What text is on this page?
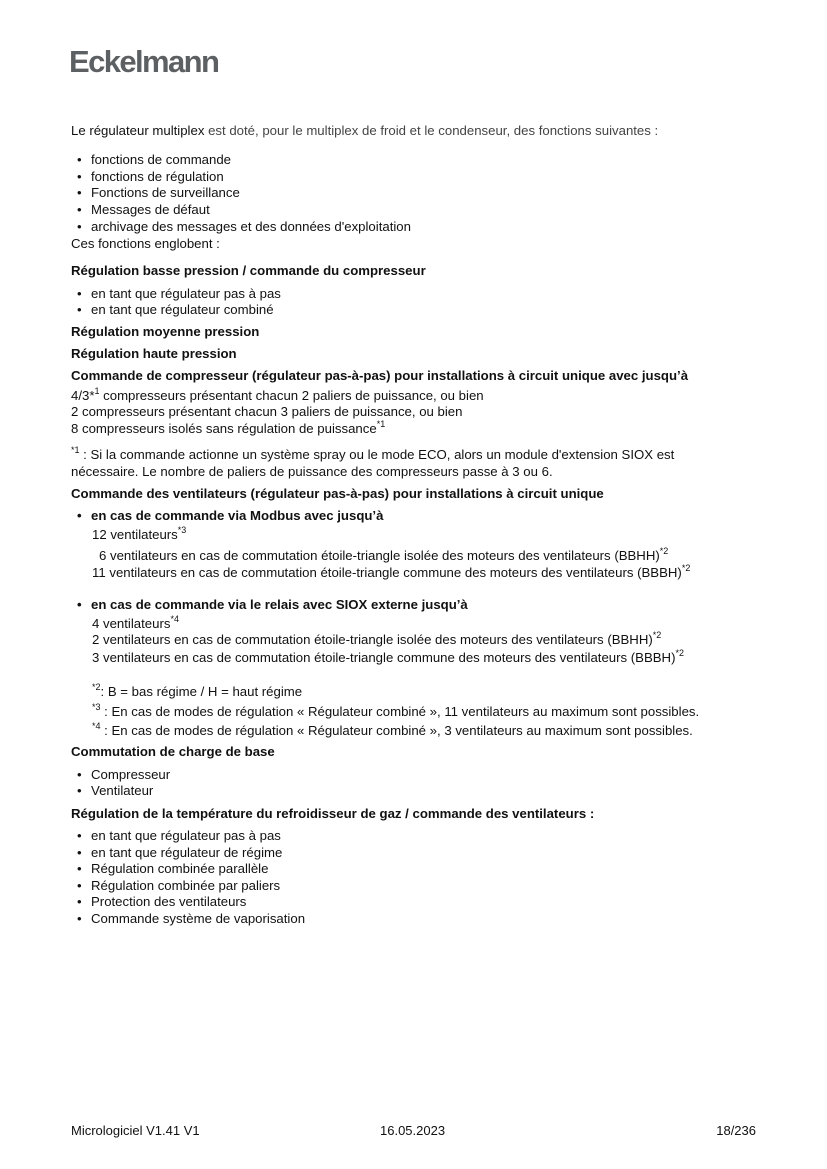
Eckelmann
Le régulateur multiplex est doté, pour le multiplex de froid et le condenseur, des fonctions suivantes :
• fonctions de commande
• fonctions de régulation
• Fonctions de surveillance
• Messages de défaut
• archivage des messages et des données d'exploitation
Ces fonctions englobent :
Régulation basse pression / commande du compresseur
• en tant que régulateur pas à pas
• en tant que régulateur combiné
Régulation moyenne pression
Régulation haute pression
Commande de compresseur (régulateur pas-à-pas) pour installations à circuit unique avec jusqu’à
4/3*$^1$ compresseurs présentant chacun 2 paliers de puissance, ou bien
2 compresseurs présentant chacun 3 paliers de puissance, ou bien
8 compresseurs isolés sans régulation de puissance$^{*1}$
$^{*1}$ : Si la commande actionne un système spray ou le mode ECO, alors un module d'extension SIOX est
nécessaire. Le nombre de paliers de puissance des compresseurs passe à 3 ou 6.
Commande des ventilateurs (régulateur pas-à-pas) pour installations à circuit unique
• en cas de commande via Modbus avec jusqu’à
12 ventilateurs$^{*3}$
6 ventilateurs en cas de commutation étoile-triangle isolée des moteurs des ventilateurs (BBHH)$^{*2}$
11 ventilateurs en cas de commutation étoile-triangle commune des moteurs des ventilateurs (BBBH)$^{*2}$
• en cas de commande via le relais avec SIOX externe jusqu’à
4 ventilateurs$^{*4}$
2 ventilateurs en cas de commutation étoile-triangle isolée des moteurs des ventilateurs (BBHH)$^{*2}$
3 ventilateurs en cas de commutation étoile-triangle commune des moteurs des ventilateurs (BBBH)$^{*2}$
$^{*2}$: B = bas régime / H = haut régime
$^{*3}$ : En cas de modes de régulation « Régulateur combiné », 11 ventilateurs au maximum sont possibles.
$^{*4}$ : En cas de modes de régulation « Régulateur combiné », 3 ventilateurs au maximum sont possibles.
Commutation de charge de base
• Compresseur
• Ventilateur
Régulation de la température du refroidisseur de gaz / commande des ventilateurs :
• en tant que régulateur pas à pas
• en tant que régulateur de régime
• Régulation combinée parallèle
• Régulation combinée par paliers
• Protection des ventilateurs
• Commande système de vaporisation
Micrologiciel V1.41 V1	16.05.2023	18/236
